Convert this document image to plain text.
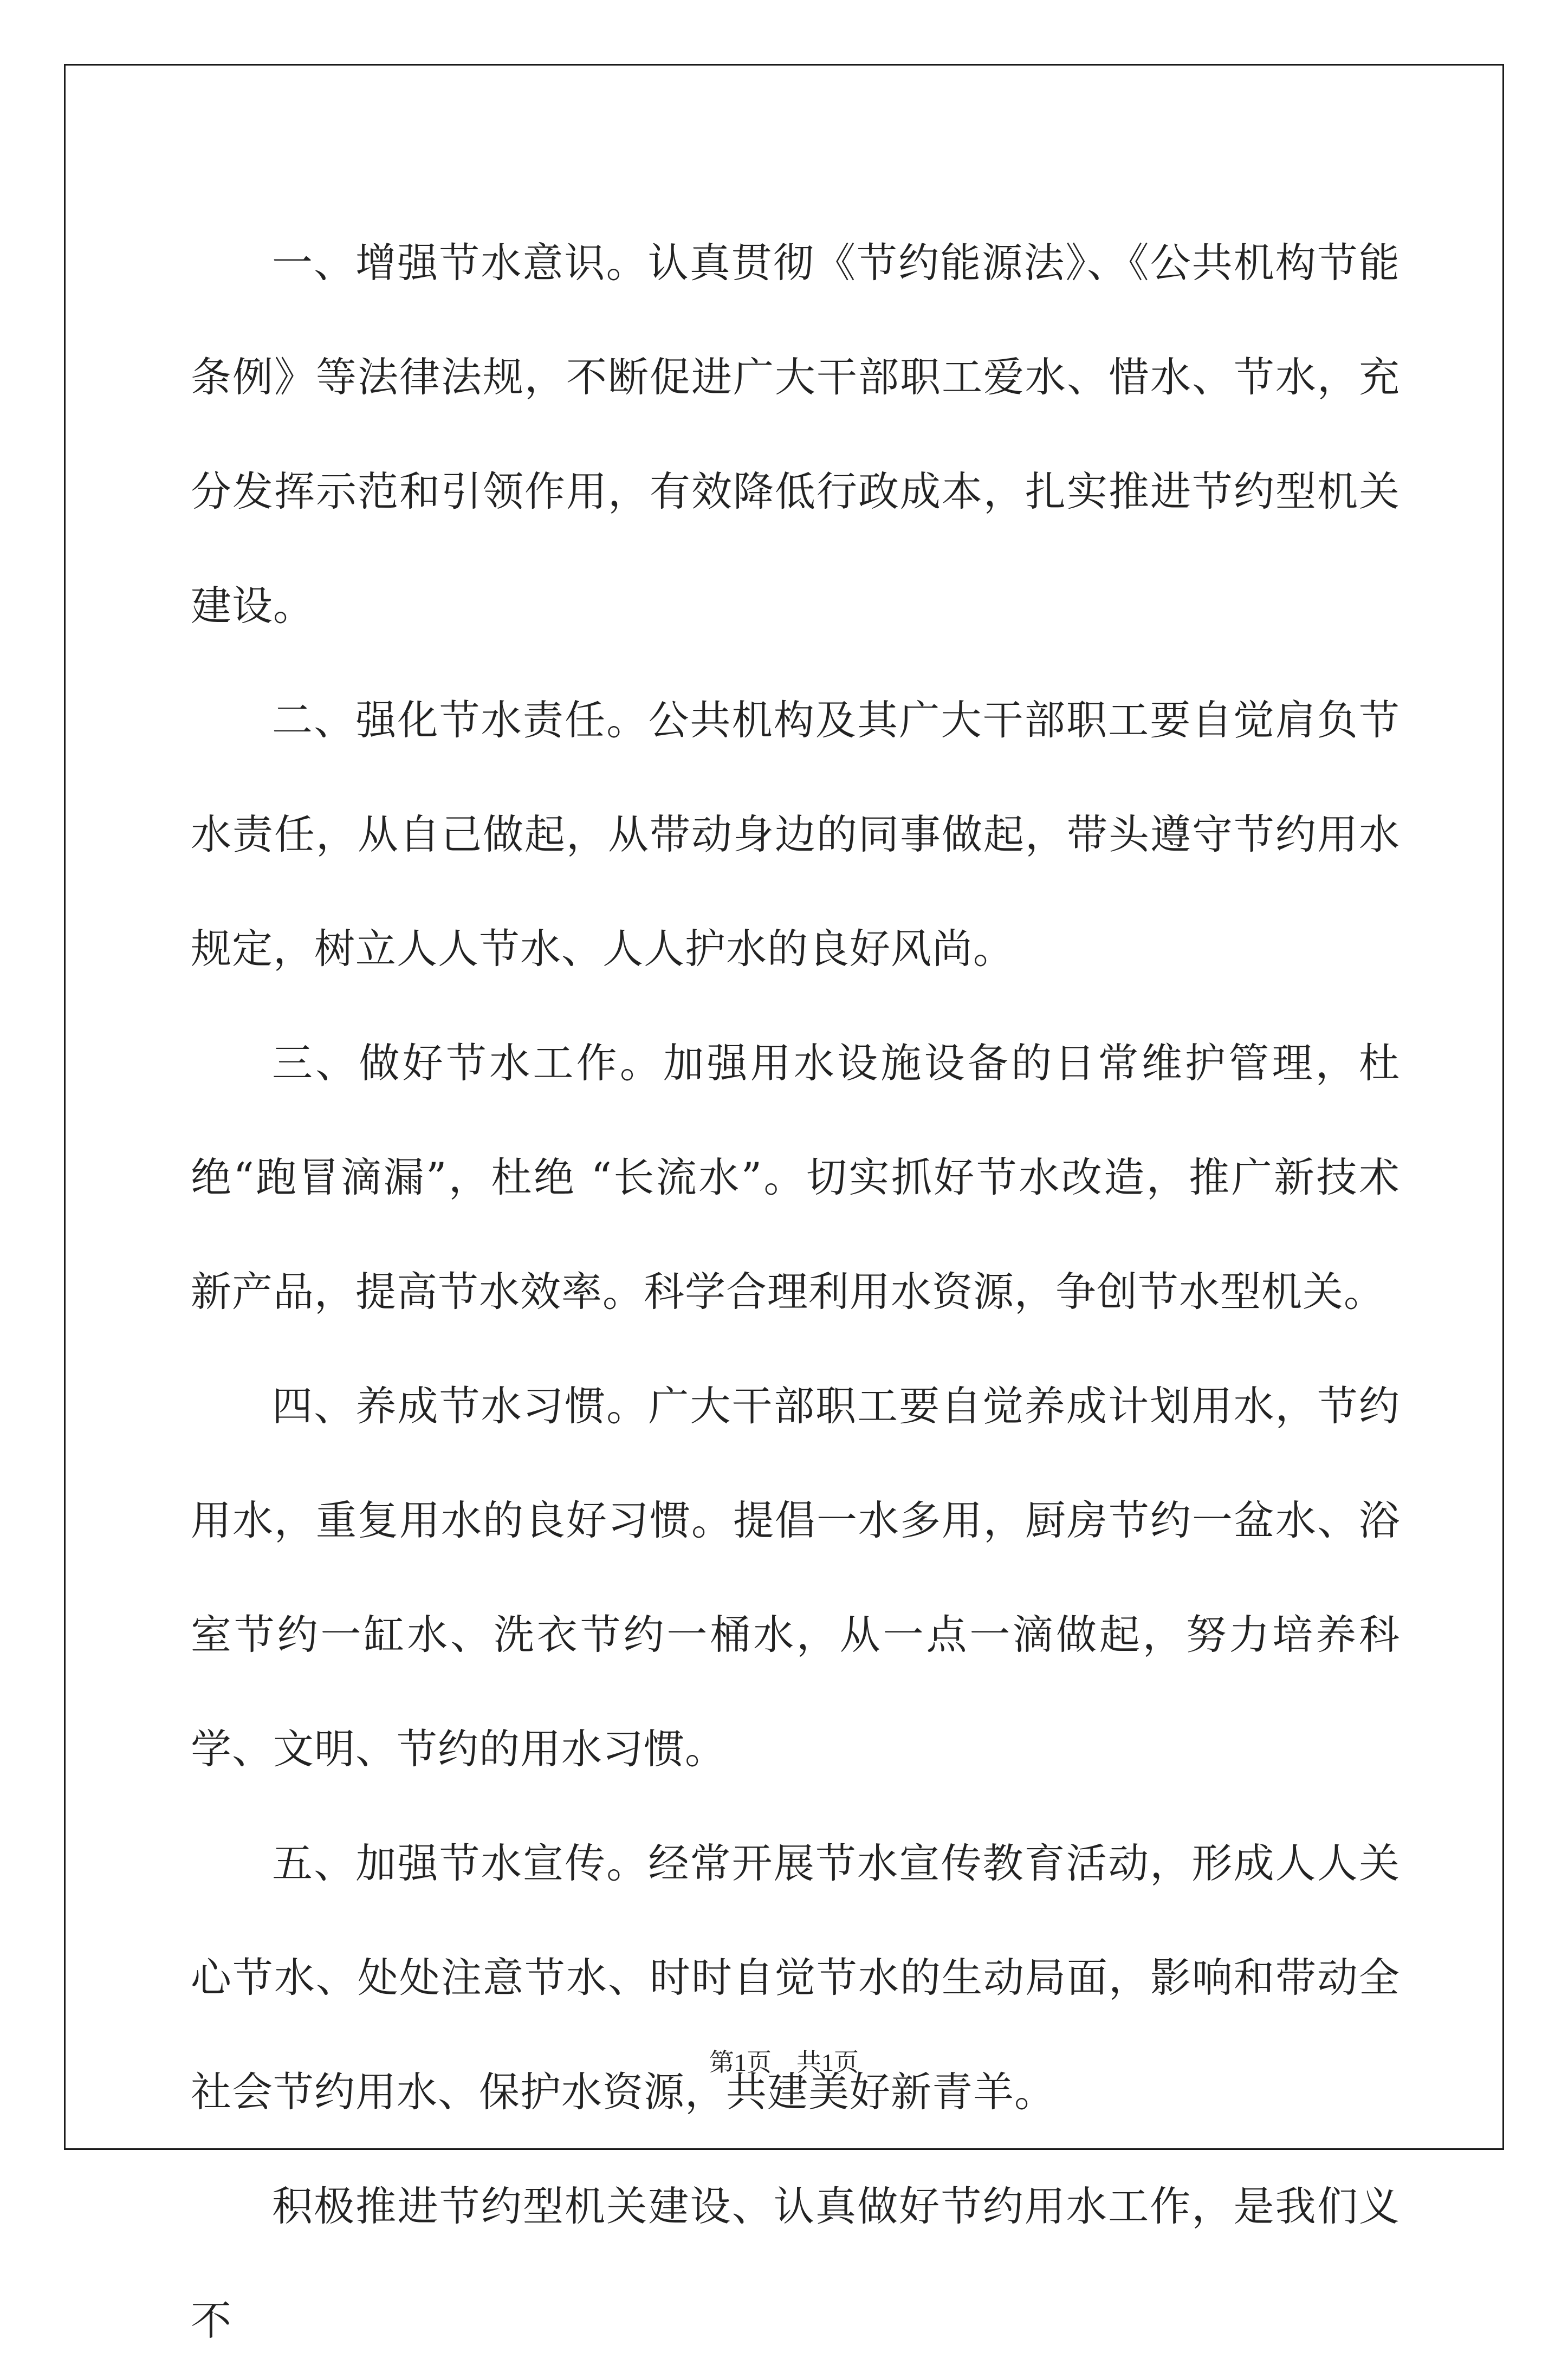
一、增强节水意识。认真贯彻《节约能源法》、《公共机构节能条例》等法律法规，不断促进广大干部职工爱水、惜水、节水，充分发挥示范和引领作用，有效降低行政成本，扎实推进节约型机关建设。

二、强化节水责任。公共机构及其广大干部职工要自觉肩负节水责任，从自己做起，从带动身边的同事做起，带头遵守节约用水规定，树立人人节水、人人护水的良好风尚。

三、做好节水工作。加强用水设施设备的日常维护管理，杜绝“跑冒滴漏”，杜绝 “长流水”。切实抓好节水改造，推广新技术新产品，提高节水效率。科学合理利用水资源，争创节水型机关。

四、养成节水习惯。广大干部职工要自觉养成计划用水，节约用水，重复用水的良好习惯。提倡一水多用，厨房节约一盆水、浴室节约一缸水、洗衣节约一桶水，从一点一滴做起，努力培养科学、文明、节约的用水习惯。

五、加强节水宣传。经常开展节水宣传教育活动，形成人人关心节水、处处注意节水、时时自觉节水的生动局面，影响和带动全社会节约用水、保护水资源，共建美好新青羊。

积极推进节约型机关建设、认真做好节约用水工作，是我们义不

第1页　共1页
